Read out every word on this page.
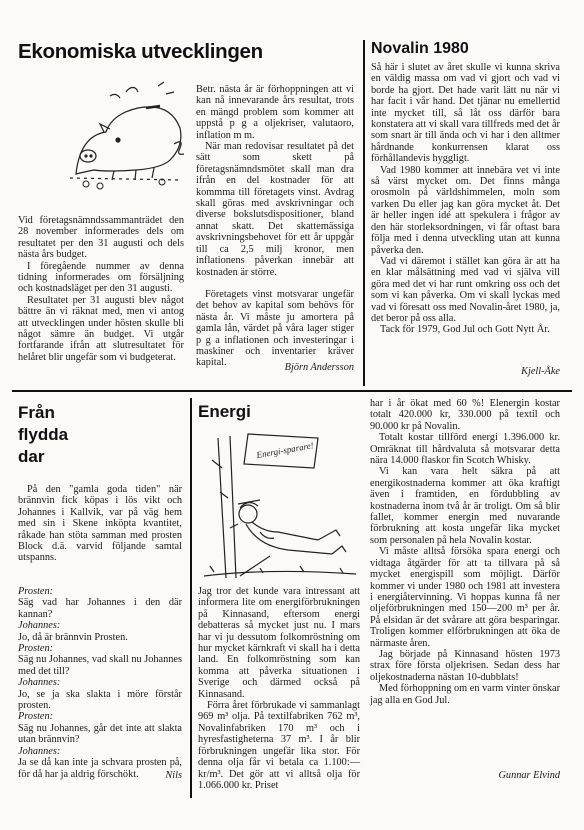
Ekonomiska utvecklingen

Vid företagsnämndssammanträdet den 28 november informerades dels om resultatet per den 31 augusti och dels nästa års budget.

I föregående nummer av denna tidning informerades om försäljning och kostnadsläget per den 31 augusti.

Resultatet per 31 augusti blev något bättre än vi räknat med, men vi antog att utvecklingen under hösten skulle bli något sämre än budget. Vi utgår fortfarande ifrån att slutresultatet för helåret blir ungefär som vi budgeterat.

Betr. nästa år är förhoppningen att vi kan nå innevarande års resultat, trots en mängd problem som kommer att uppstå p g a oljekriser, valutaoro, inflation m m.

När man redovisar resultatet på det sätt som skett på företagsnämndsmötet skall man dra ifrån en del kostnader för att kommma till företagets vinst. Avdrag skall göras med avskrivningar och diverse bokslutsdispositioner, bland annat skatt. Det skattemässiga avskrivningsbehovet för ett år uppgår till ca 2,5 milj kronor, men inflationens påverkan innebär att kostnaden är större.

Företagets vinst motsvarar ungefär det behov av kapital som behövs för nästa år. Vi måste ju amortera på gamla lån, värdet på våra lager stiger p g a inflationen och investeringar i maskiner och inventarier kräver kapital.	Björn Andersson
Novalin 1980

Så här i slutet av året skulle vi kunna skriva en väldig massa om vad vi gjort och vad vi borde ha gjort. Det hade varit lätt nu när vi har facit i vår hand. Det tjänar nu emellertid inte mycket till, så låt oss därför bara konstatera att vi skall vara tillfreds med det år som snart är till ända och vi har i den alltmer hårdnande konkurrensen klarat oss förhållandevis hyggligt.

Vad 1980 kommer att innebära vet vi inte så värst mycket om. Det finns många orosmoln på världshimmelen, moln som varken Du eller jag kan göra mycket åt. Det är heller ingen idé att spekulera i frågor av den här storleksordningen, vi får oftast bara följa med i denna utveckling utan att kunna påverka den.

Vad vi däremot i stället kan göra är att ha en klar målsättning med vad vi själva vill göra med det vi har runt omkring oss och det som vi kan påverka. Om vi skall lyckas med vad vi föresatt oss med Novalin-året 1980, ja, det beror på oss alla.

Tack för 1979, God Jul och Gott Nytt År.

Kjell-Åke
Från
flydda
dar

På den "gamla goda tiden" när brännvin fick köpas i lös vikt och Johannes i Kallvik, var på väg hem med sin i Skene inköpta kvantitet, råkade han stöta samman med prosten Block d.ä. varvid följande samtal utspanns.

Prosten:
Säg vad har Johannes i den där kannan?
Johannes:
Jo, då är brännvin Prosten.
Prosten:
Säg nu Johannes, vad skall nu Johannes med det till?
Johannes:
Jo, se ja ska slakta i möre förstår prosten.
Prosten:
Säg nu Johannes, går det inte att slakta utan brännvin?
Johannes:
Ja se då kan inte ja schvara prosten på, för då har ja aldrig förschökt.	Nils
Energi
Energi-sparare!

Jag tror det kunde vara intressant att informera lite om energiförbrukningen på Kinnasand, eftersom energi debatteras så mycket just nu. I mars har vi ju dessutom folkomröstning om hur mycket kärnkraft vi skall ha i detta land. En folkomröstning som kan komma att påverka situationen i Sverige och därmed också på Kinnasand.

Förra året förbrukade vi sammanlagt 969 m³ olja. På textilfabriken 762 m³, Novalinfabriken 170 m³ och i hyresfastigheterna 37 m³. I år blir förbrukningen ungefär lika stor. För denna olja får vi betala ca 1.100:— kr/m³. Det gör att vi alltså olja för 1.066.000 kr. Priset

har i år ökat med 60 %! Elenergin kostar totalt 420.000 kr, 330.000 på textil och 90.000 kr på Novalin.

Totalt kostar tillförd energi 1.396.000 kr. Omräknat till hårdvaluta så motsvarar detta nära 14.000 flaskor fin Scotch Whisky.

Vi kan vara helt säkra på att energikostnaderna kommer att öka kraftigt även i framtiden, en fördubbling av kostnaderna inom två år är troligt. Om så blir fallet, kommer energin med nuvarande förbrukning att kosta ungefär lika mycket som personalen på hela Novalin kostar.

Vi måste alltså försöka spara energi och vidtaga åtgärder för att ta tillvara på så mycket energispill som möjligt. Därför kommer vi under 1980 och 1981 att investera i energiåtervinning. Vi hoppas kunna få ner oljeförbrukningen med 150—200 m³ per år. På elsidan är det svårare att göra besparingar. Troligen kommer elförbrukningen att öka de närmaste åren.

Jag började på Kinnasand hösten 1973 strax före första oljekrisen. Sedan dess har oljekostnaderna nästan 10-dubblats!

Med förhoppning om en varm vinter önskar jag alla en God Jul.

Gunnar Elvind
